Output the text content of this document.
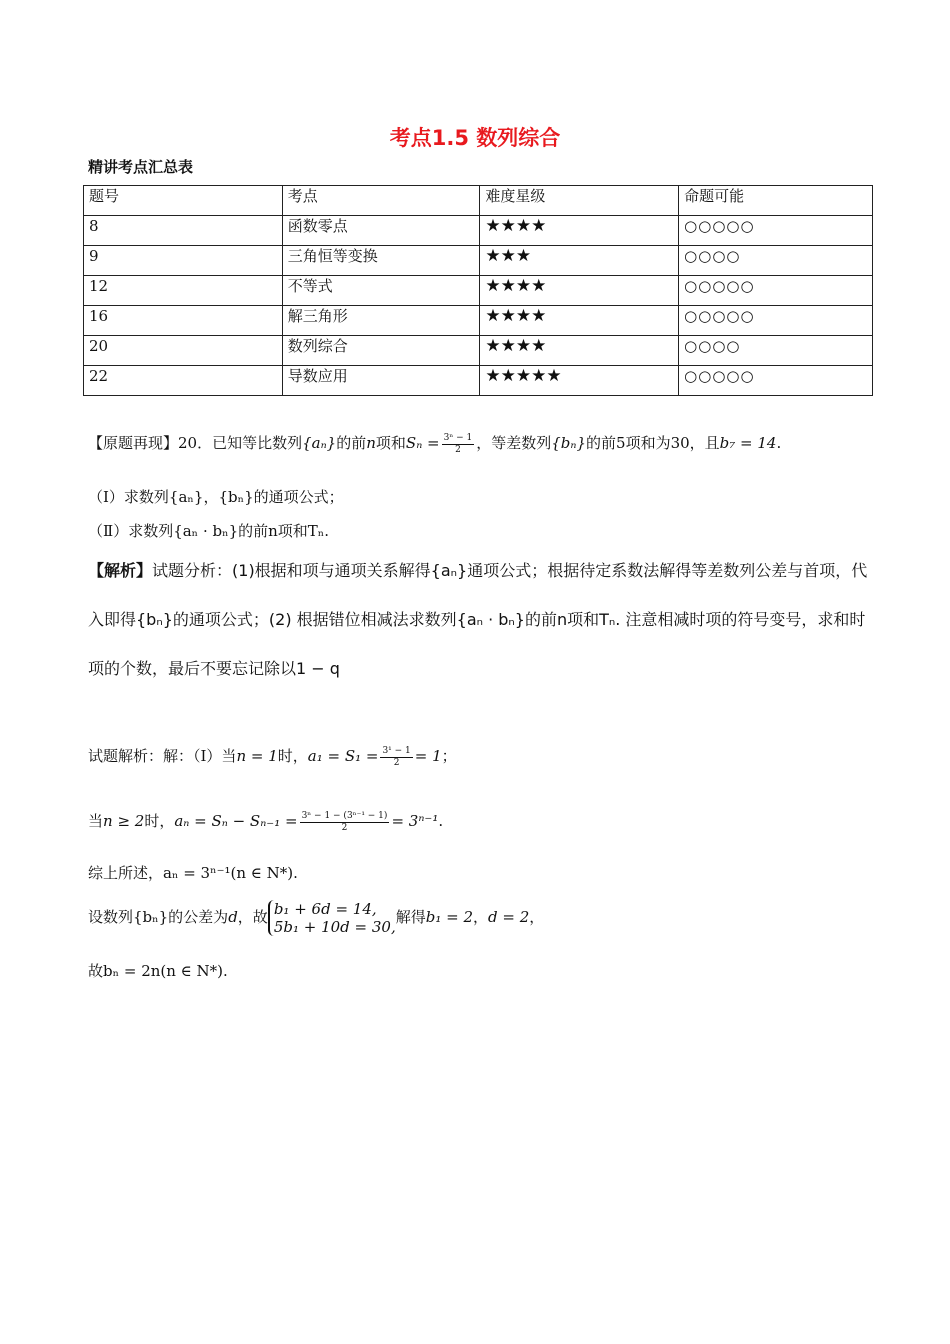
考点1.5 数列综合
精讲考点汇总表
题号	考点	难度星级	命题可能
8	函数零点	★★★★	○○○○○
9	三角恒等变换	★★★	○○○○
12	不等式	★★★★	○○○○○
16	解三角形	★★★★	○○○○○
20	数列综合	★★★★	○○○○
22	导数应用	★★★★★	○○○○○
【原题再现】20．已知等比数列{aₙ}的前n项和$S_n = \frac{\text{3ⁿ − 1}}{2}$ ，等差数列{bₙ}的前5项和为30，且b₇ = 14.
（Ⅰ）求数列{aₙ}，{bₙ}的通项公式；
（Ⅱ）求数列{aₙ · bₙ}的前n项和Tₙ.
【解析】试题分析：(1)根据和项与通项关系解得{aₙ}通项公式；根据待定系数法解得等差数列公差与首项，代入即得{bₙ}的通项公式；(2) 根据错位相减法求数列{aₙ · bₙ}的前n项和Tₙ. 注意相减时项的符号变号，求和时项的个数，最后不要忘记除以1 − q
试题解析：解：（Ⅰ）当n = 1时，$a_1 = S_1 = \frac{\text{3¹ − 1}}{2} = 1$；
当n ≥ 2时，$a_n = S_n - S_{n-1} = \frac{\text{3ⁿ − 1 − (3ⁿ⁻¹ − 1)}}{2} = 3^{n-1}$.
综上所述，aₙ = 3ⁿ⁻¹(n ∈ N*).
设数列{bₙ}的公差为d，故 b₁ + 6d = 14,
5b₁ + 10d = 30,
解得b₁ = 2，d = 2，
故bₙ = 2n(n ∈ N*).
